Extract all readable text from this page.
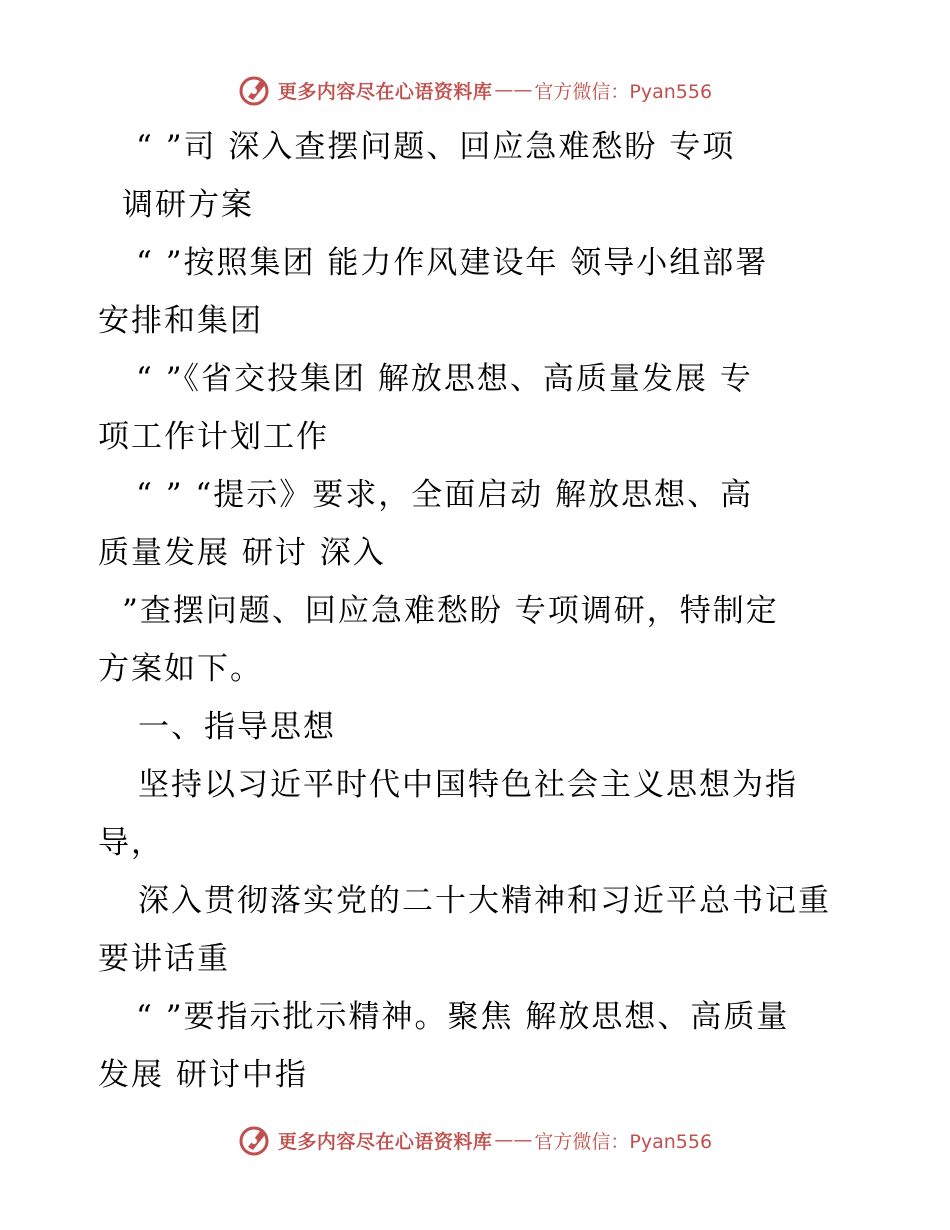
更多内容尽在心语资料库 —— 官方微信：Pyan556
“ ”司 深入查摆问题、回应急难愁盼 专项
调研方案
“ ”按照集团 能力作风建设年 领导小组部署
安排和集团
“ ”《省交投集团 解放思想、高质量发展 专
项工作计划工作
“ ” “提示》要求，全面启动 解放思想、高
质量发展 研讨 深入
”查摆问题、回应急难愁盼 专项调研，特制定
方案如下。
一、指导思想
坚持以习近平时代中国特色社会主义思想为指
导，
深入贯彻落实党的二十大精神和习近平总书记重
要讲话重
“ ”要指示批示精神。聚焦 解放思想、高质量
发展 研讨中指
更多内容尽在心语资料库 —— 官方微信：Pyan556
